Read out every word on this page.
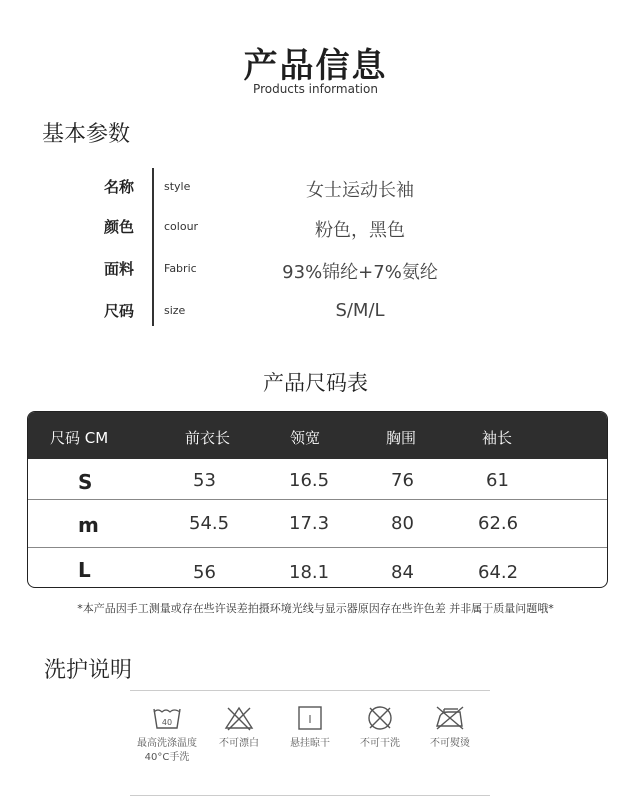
产品信息
Products information
基本参数
名称	style	女士运动长袖
颜色	colour	粉色，黑色
面料	Fabric	93%锦纶+7%氨纶
尺码	size	S/M/L
产品尺码表
尺码 CM	前衣长	领宽	胸围	袖长
S	53	16.5	76	61
m	54.5	17.3	80	62.6
L	56	18.1	84	64.2
*本产品因手工测量或存在些许误差拍摄环境光线与显示器原因存在些许色差 并非属于质量问题哦*
洗护说明
40
最高洗涤温度
40°C手洗
不可漂白
I
悬挂晾干	不可干洗	不可熨烫
